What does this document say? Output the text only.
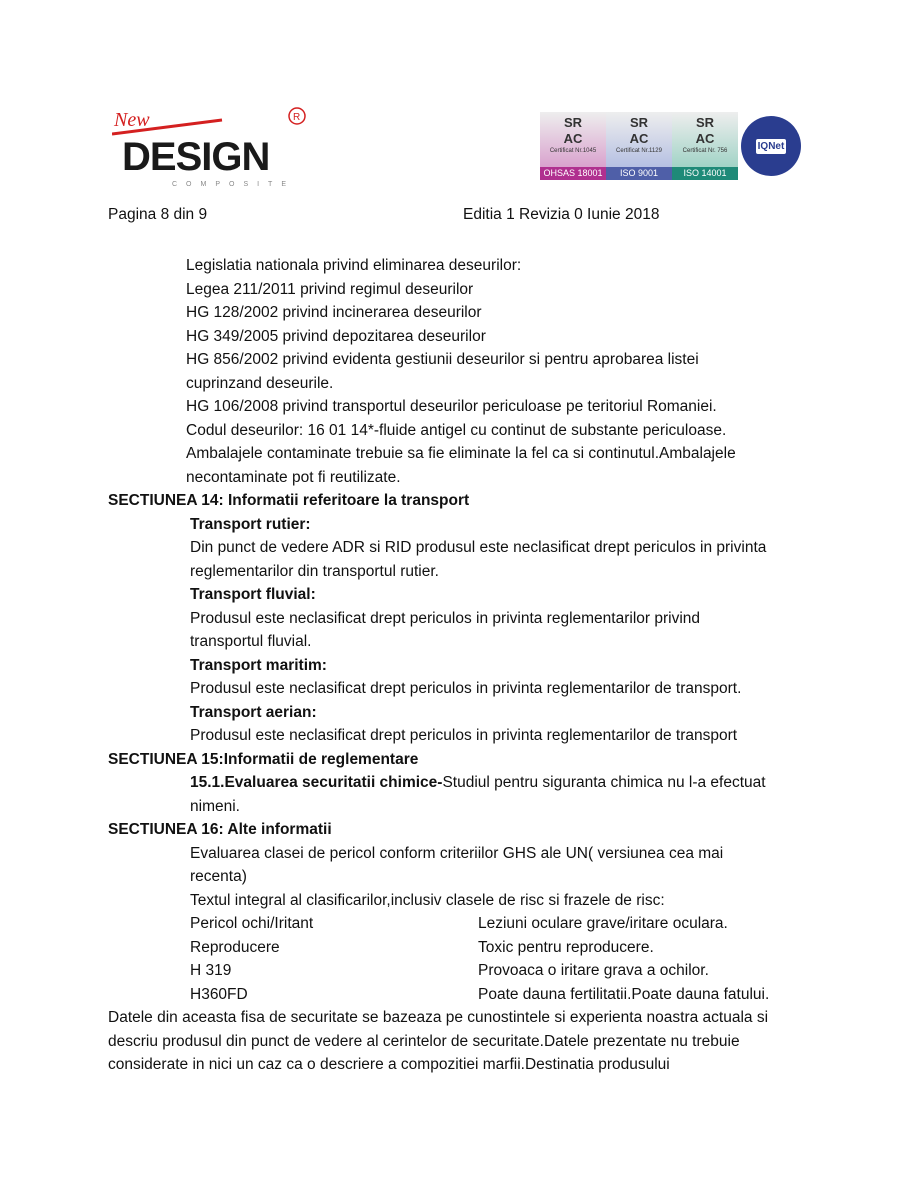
New
DESIGN
COMPOSITE
R	SR
AC
Certificat Nr.1045
OHSAS 18001
SR
AC
Certificat Nr.1129
ISO 9001
SR
AC
Certificat Nr. 756
ISO 14001
IQNet
Pagina 8 din 9	Editia 1 Revizia 0 Iunie 2018
Legislatia nationala privind eliminarea deseurilor:
Legea 211/2011 privind regimul deseurilor
HG 128/2002 privind incinerarea deseurilor
HG 349/2005 privind depozitarea deseurilor
HG 856/2002 privind evidenta gestiunii deseurilor si pentru aprobarea listei cuprinzand deseurile.
HG 106/2008 privind transportul deseurilor periculoase pe teritoriul Romaniei.
Codul deseurilor: 16 01 14*-fluide antigel cu continut de substante periculoase.
Ambalajele contaminate trebuie sa fie eliminate la fel ca si continutul.Ambalajele necontaminate pot fi reutilizate.
SECTIUNEA 14: Informatii referitoare la transport
Transport rutier:
Din punct de vedere ADR si RID produsul este neclasificat drept periculos in privinta reglementarilor din transportul rutier.
Transport fluvial:
Produsul este neclasificat drept periculos in privinta reglementarilor privind transportul fluvial.
Transport maritim:
Produsul este neclasificat drept periculos in privinta reglementarilor de transport.
Transport aerian:
Produsul este neclasificat drept periculos in privinta reglementarilor de transport
SECTIUNEA 15:Informatii de reglementare
15.1.Evaluarea securitatii chimice-Studiul pentru siguranta chimica nu l-a efectuat nimeni.
SECTIUNEA 16: Alte informatii
Evaluarea clasei de pericol conform criteriilor GHS ale UN( versiunea cea mai recenta)
Textul integral al clasificarilor,inclusiv clasele de risc si frazele de risc:
Pericol ochi/Iritant	Leziuni oculare grave/iritare oculara.
Reproducere	Toxic pentru reproducere.
H 319	Provoaca o iritare grava a ochilor.
H360FD	Poate dauna fertilitatii.Poate dauna fatului.
Datele din aceasta fisa de securitate se bazeaza pe cunostintele si experienta noastra actuala si descriu produsul din punct de vedere al cerintelor de securitate.Datele prezentate nu trebuie considerate in nici un caz ca o descriere a compozitiei marfii.Destinatia produsului
